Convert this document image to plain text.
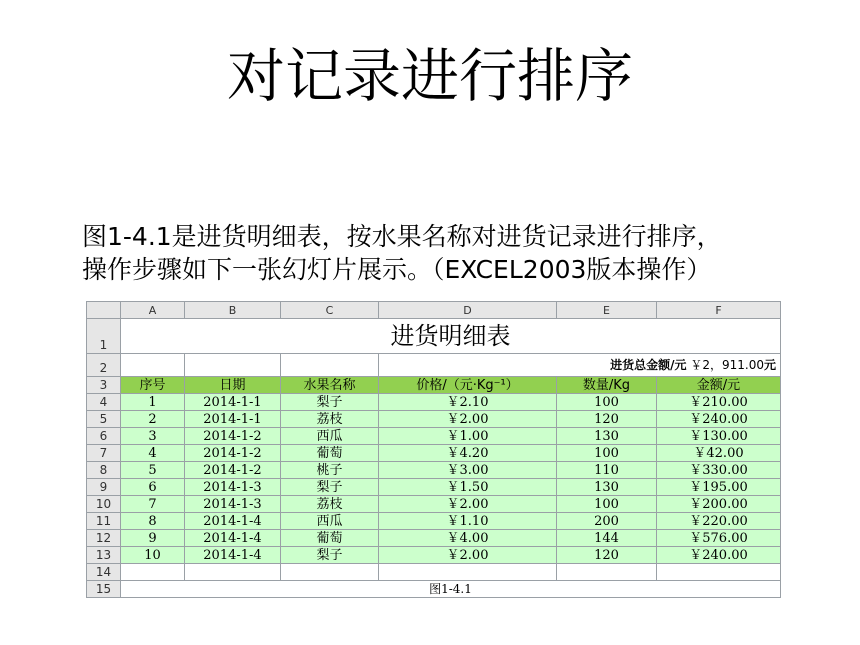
对记录进行排序
图1-4.1是进货明细表，按水果名称对进货记录进行排序，
操作步骤如下一张幻灯片展示。（EXCEL2003版本操作）
	A	B	C	D	E	F
1	进货明细表					
2				进货总金额/元 ￥2，911.00元		
3	序号	日期	水果名称	价格/（元·Kg⁻¹）	数量/Kg	金额/元
4	1	2014-1-1	梨子	￥2.10	100	￥210.00
5	2	2014-1-1	荔枝	￥2.00	120	￥240.00
6	3	2014-1-2	西瓜	￥1.00	130	￥130.00
7	4	2014-1-2	葡萄	￥4.20	100	￥42.00
8	5	2014-1-2	桃子	￥3.00	110	￥330.00
9	6	2014-1-3	梨子	￥1.50	130	￥195.00
10	7	2014-1-3	荔枝	￥2.00	100	￥200.00
11	8	2014-1-4	西瓜	￥1.10	200	￥220.00
12	9	2014-1-4	葡萄	￥4.00	144	￥576.00
13	10	2014-1-4	梨子	￥2.00	120	￥240.00
14						
15	图1-4.1					
